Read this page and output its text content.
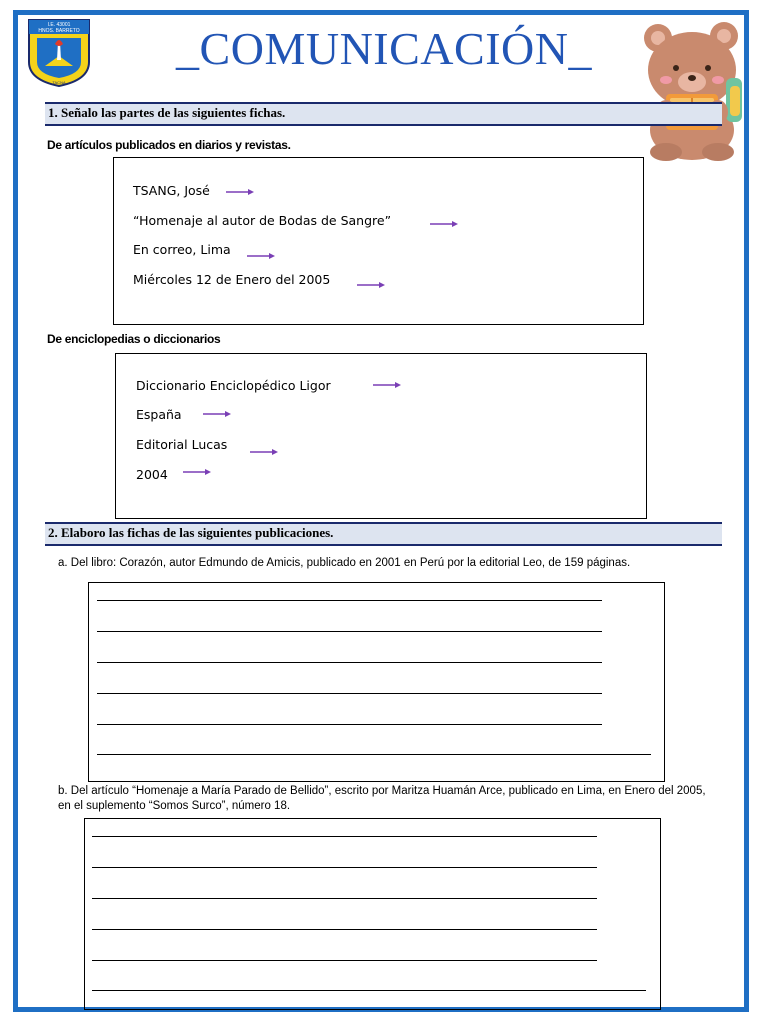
I.E. 43001
HNOS. BARRETO
TACNA
_COMUNICACIÓN_
1. Señalo las partes de las siguientes fichas.
De artículos publicados en diarios y revistas.
TSANG, José
“Homenaje al autor de Bodas de Sangre”
En correo, Lima
Miércoles 12 de Enero del 2005
De enciclopedias o diccionarios
Diccionario Enciclopédico Ligor
España
Editorial Lucas
2004
2. Elaboro las fichas de las siguientes publicaciones.
a. Del libro: Corazón, autor Edmundo de Amicis, publicado en 2001 en Perú por la editorial Leo, de 159 páginas.
b. Del artículo “Homenaje a María Parado de Bellido”, escrito por Maritza Huamán Arce, publicado en Lima, en Enero del 2005, en el suplemento “Somos Surco”, número 18.
